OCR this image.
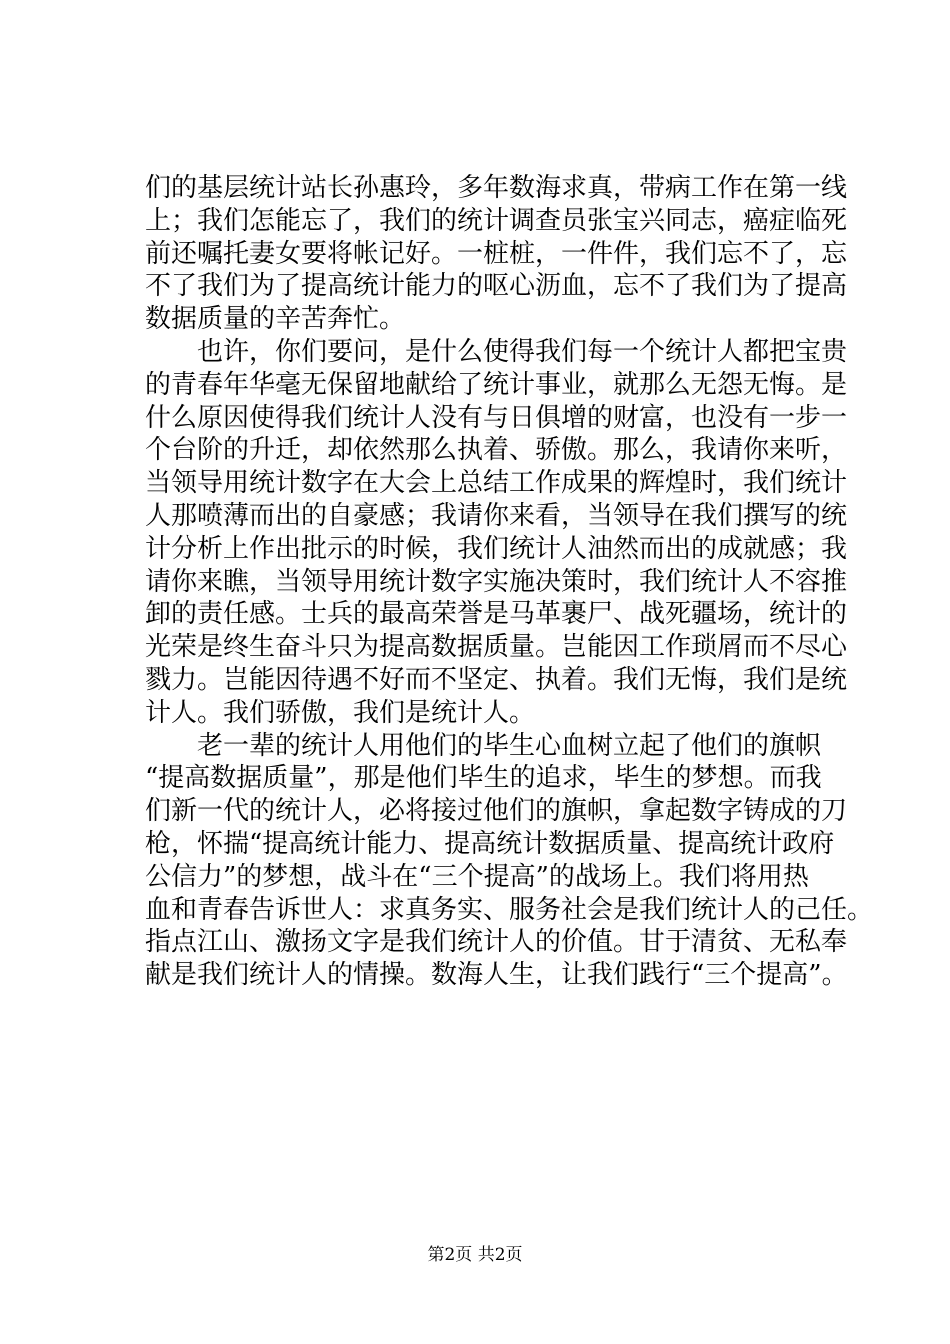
们的基层统计站长孙惠玲，多年数海求真，带病工作在第一线
上；我们怎能忘了，我们的统计调查员张宝兴同志，癌症临死
前还嘱托妻女要将帐记好。一桩桩，一件件，我们忘不了，忘
不了我们为了提高统计能力的呕心沥血，忘不了我们为了提高
数据质量的辛苦奔忙。
　　也许，你们要问，是什么使得我们每一个统计人都把宝贵
的青春年华毫无保留地献给了统计事业，就那么无怨无悔。是
什么原因使得我们统计人没有与日俱增的财富，也没有一步一
个台阶的升迁，却依然那么执着、骄傲。那么，我请你来听，
当领导用统计数字在大会上总结工作成果的辉煌时，我们统计
人那喷薄而出的自豪感；我请你来看，当领导在我们撰写的统
计分析上作出批示的时候，我们统计人油然而出的成就感；我
请你来瞧，当领导用统计数字实施决策时，我们统计人不容推
卸的责任感。士兵的最高荣誉是马革裹尸、战死疆场，统计的
光荣是终生奋斗只为提高数据质量。岂能因工作琐屑而不尽心
戮力。岂能因待遇不好而不坚定、执着。我们无悔，我们是统
计人。我们骄傲，我们是统计人。
　　老一辈的统计人用他们的毕生心血树立起了他们的旗帜
“提高数据质量”，那是他们毕生的追求，毕生的梦想。而我
们新一代的统计人，必将接过他们的旗帜，拿起数字铸成的刀
枪，怀揣“提高统计能力、提高统计数据质量、提高统计政府
公信力”的梦想，战斗在“三个提高”的战场上。我们将用热
血和青春告诉世人：求真务实、服务社会是我们统计人的己任。
指点江山、激扬文字是我们统计人的价值。甘于清贫、无私奉
献是我们统计人的情操。数海人生，让我们践行“三个提高”。
第2页 共2页
